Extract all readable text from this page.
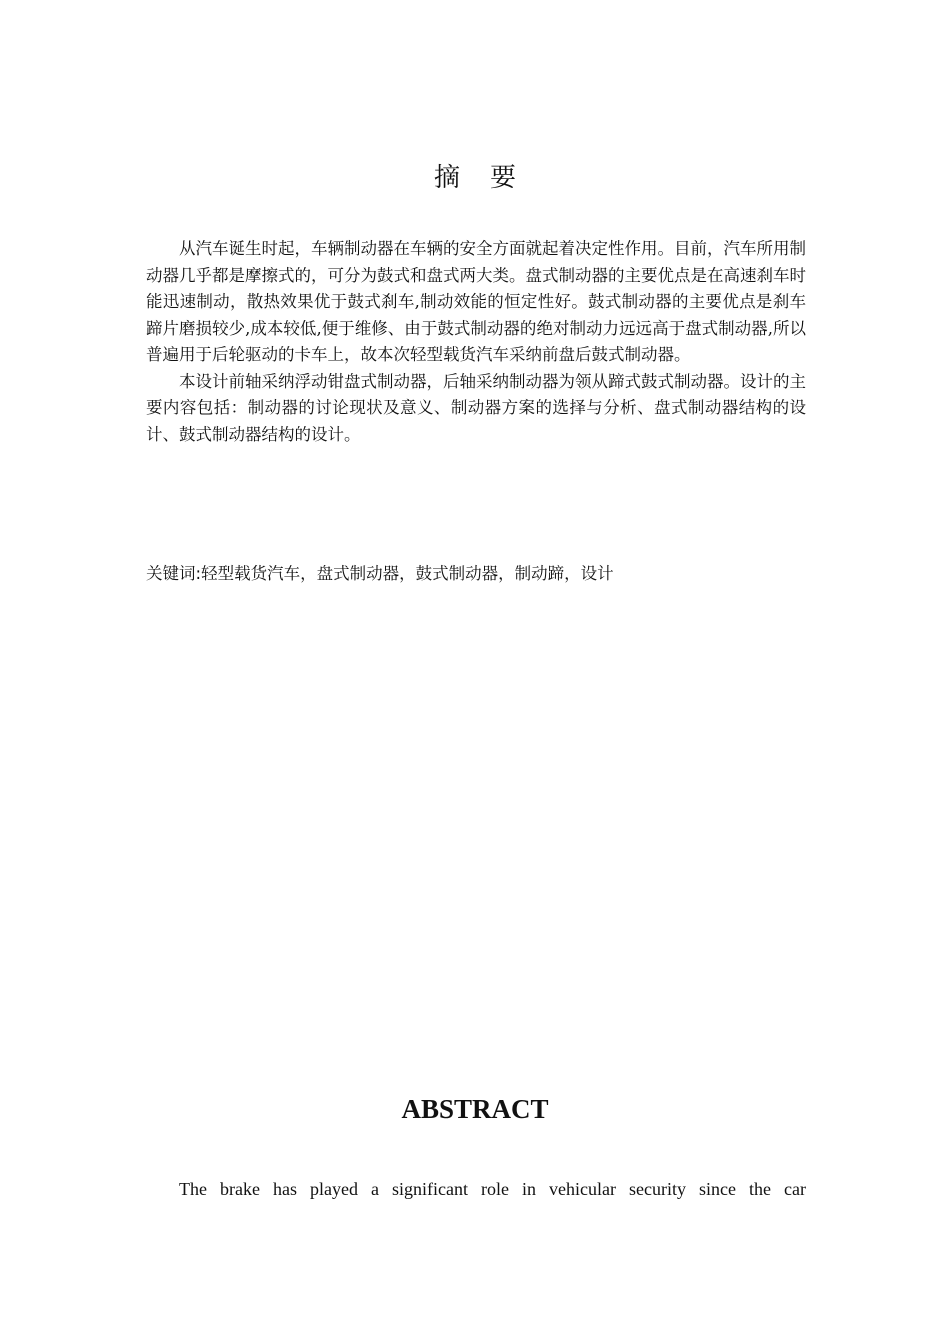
摘要

从汽车诞生时起，车辆制动器在车辆的安全方面就起着决定性作用。目前，汽车所用制动器几乎都是摩擦式的，可分为鼓式和盘式两大类。盘式制动器的主要优点是在高速刹车时能迅速制动，散热效果优于鼓式刹车,制动效能的恒定性好。鼓式制动器的主要优点是刹车蹄片磨损较少,成本较低,便于维修、由于鼓式制动器的绝对制动力远远高于盘式制动器,所以普遍用于后轮驱动的卡车上，故本次轻型载货汽车采纳前盘后鼓式制动器。

本设计前轴采纳浮动钳盘式制动器，后轴采纳制动器为领从蹄式鼓式制动器。设计的主要内容包括：制动器的讨论现状及意义、制动器方案的选择与分析、盘式制动器结构的设计、鼓式制动器结构的设计。

关键词:轻型载货汽车，盘式制动器，鼓式制动器，制动蹄，设计
ABSTRACT

The brake has played a significant role in vehicular security since the car
